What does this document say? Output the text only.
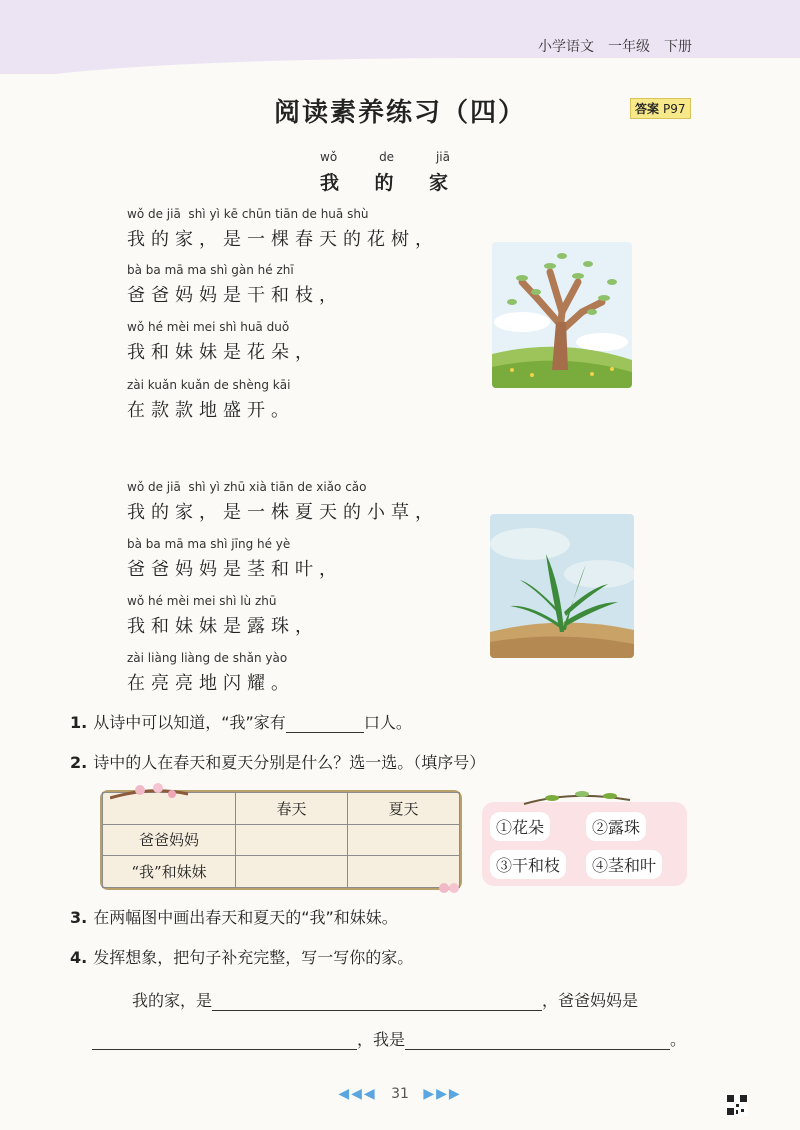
小学语文　一年级　下册
阅读素养练习（四）	答案 P97
wǒ	de	jiā
我 的 家
wǒ de jiā  shì yì kē chūn tiān de huā shù
我的家，是一棵春天的花树，
bà ba mā ma shì gàn hé zhī
爸爸妈妈是干和枝，
wǒ hé mèi mei shì huā duǒ
我和妹妹是花朵，
zài kuǎn kuǎn de shèng kāi
在款款地盛开。
wǒ de jiā  shì yì zhū xià tiān de xiǎo cǎo
我的家，是一株夏天的小草，
bà ba mā ma shì jīng hé yè
爸爸妈妈是茎和叶，
wǒ hé mèi mei shì lù zhū
我和妹妹是露珠，
zài liàng liàng de shǎn yào
在亮亮地闪耀。
1. 从诗中可以知道，“我”家有	口人。
2. 诗中的人在春天和夏天分别是什么？选一选。（填序号）
	春天	夏天
爸爸妈妈		
“我”和妹妹		
①花朵	②露珠
③干和枝	④茎和叶
3. 在两幅图中画出春天和夏天的“我”和妹妹。
4. 发挥想象，把句子补充完整，写一写你的家。
我的家，是	，爸爸妈妈是
，我是	。
◀◀◀ 31 ▶▶▶
